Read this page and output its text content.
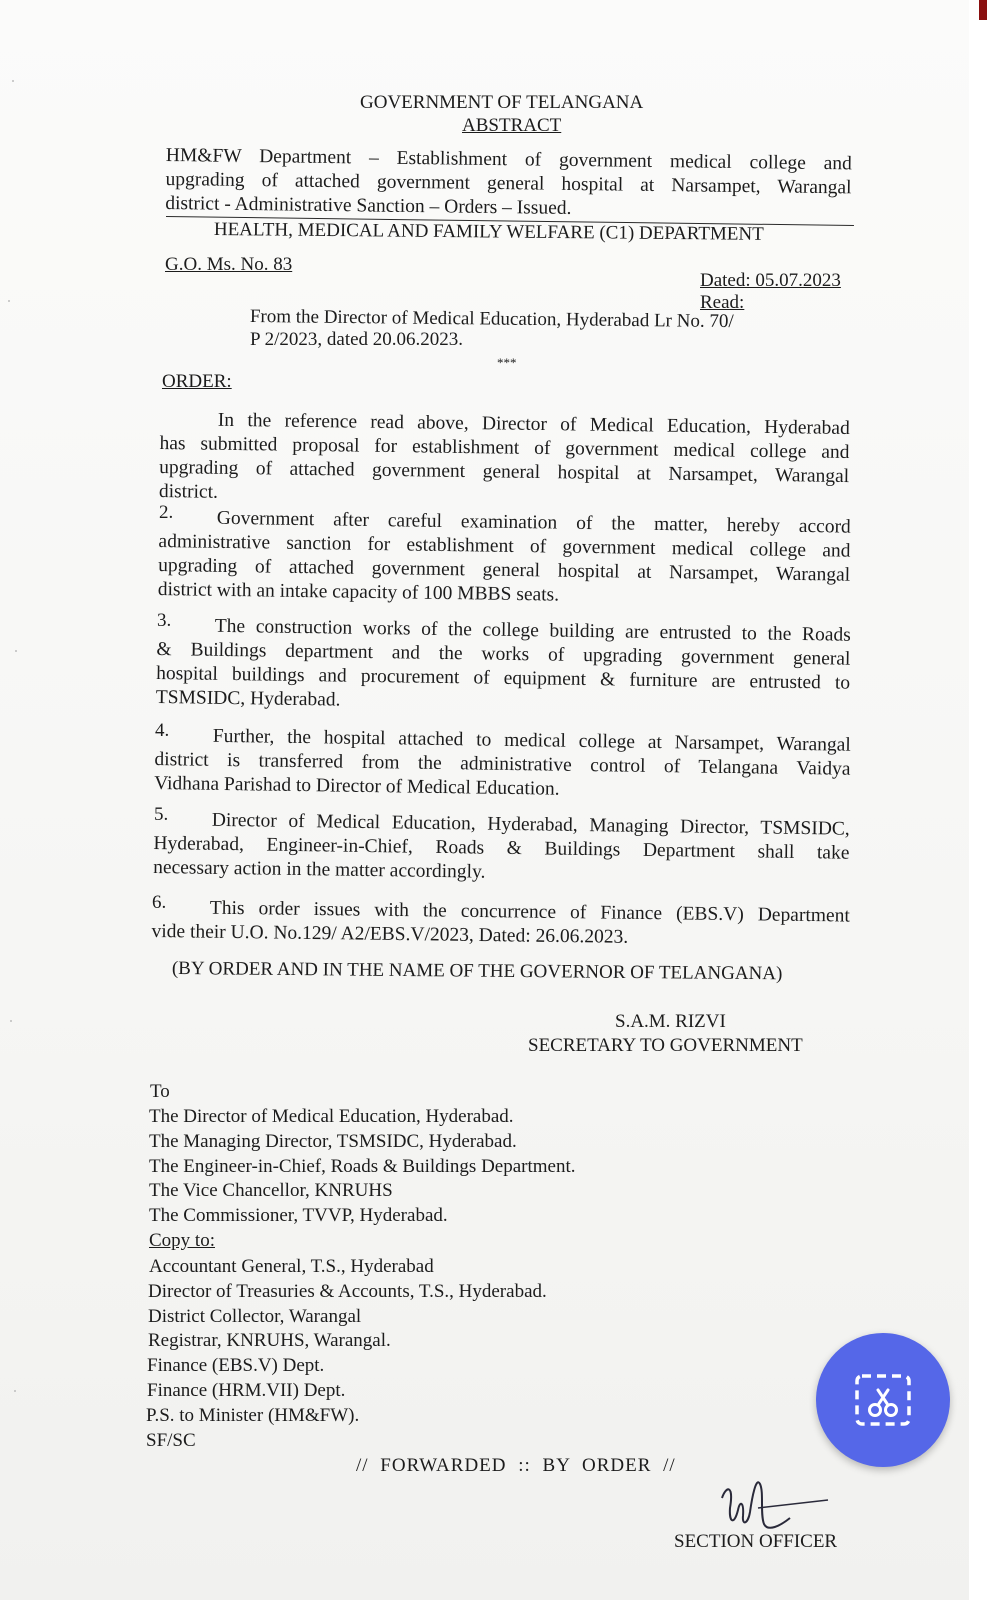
GOVERNMENT OF TELANGANA
ABSTRACT
HM&FW Department – Establishment of government medical college and
upgrading of attached government general hospital at Narsampet, Warangal
district - Administrative Sanction – Orders – Issued.
HEALTH, MEDICAL AND FAMILY WELFARE (C1) DEPARTMENT
G.O. Ms. No. 83
Dated: 05.07.2023
Read:
From the Director of Medical Education, Hyderabad Lr No. 70/
P 2/2023, dated 20.06.2023.
***
ORDER:
In the reference read above, Director of Medical Education, Hyderabad
has submitted proposal for establishment of government medical college and
upgrading of attached government general hospital at Narsampet, Warangal
district.
2.	Government after careful examination of the matter, hereby accord
administrative sanction for establishment of government medical college and
upgrading of attached government general hospital at Narsampet, Warangal
district with an intake capacity of 100 MBBS seats.
3.	The construction works of the college building are entrusted to the Roads
& Buildings department and the works of upgrading government general
hospital buildings and procurement of equipment & furniture are entrusted to
TSMSIDC, Hyderabad.
4.	Further, the hospital attached to medical college at Narsampet, Warangal
district is transferred from the administrative control of Telangana Vaidya
Vidhana Parishad to Director of Medical Education.
5.	Director of Medical Education, Hyderabad, Managing Director, TSMSIDC,
Hyderabad, Engineer-in-Chief, Roads & Buildings Department shall take
necessary action in the matter accordingly.
6.	This order issues with the concurrence of Finance (EBS.V) Department
vide their U.O. No.129/ A2/EBS.V/2023, Dated: 26.06.2023.
(BY ORDER AND IN THE NAME OF THE GOVERNOR OF TELANGANA)
S.A.M. RIZVI
SECRETARY TO GOVERNMENT
To
The Director of Medical Education, Hyderabad.
The Managing Director, TSMSIDC, Hyderabad.
The Engineer-in-Chief, Roads & Buildings Department.
The Vice Chancellor, KNRUHS
The Commissioner, TVVP, Hyderabad.
Copy to:
Accountant General, T.S., Hyderabad
Director of Treasuries & Accounts, T.S., Hyderabad.
District Collector, Warangal
Registrar, KNRUHS, Warangal.
Finance (EBS.V) Dept.
Finance (HRM.VII) Dept.
P.S. to Minister (HM&FW).
SF/SC
// FORWARDED :: BY ORDER //
SECTION OFFICER
